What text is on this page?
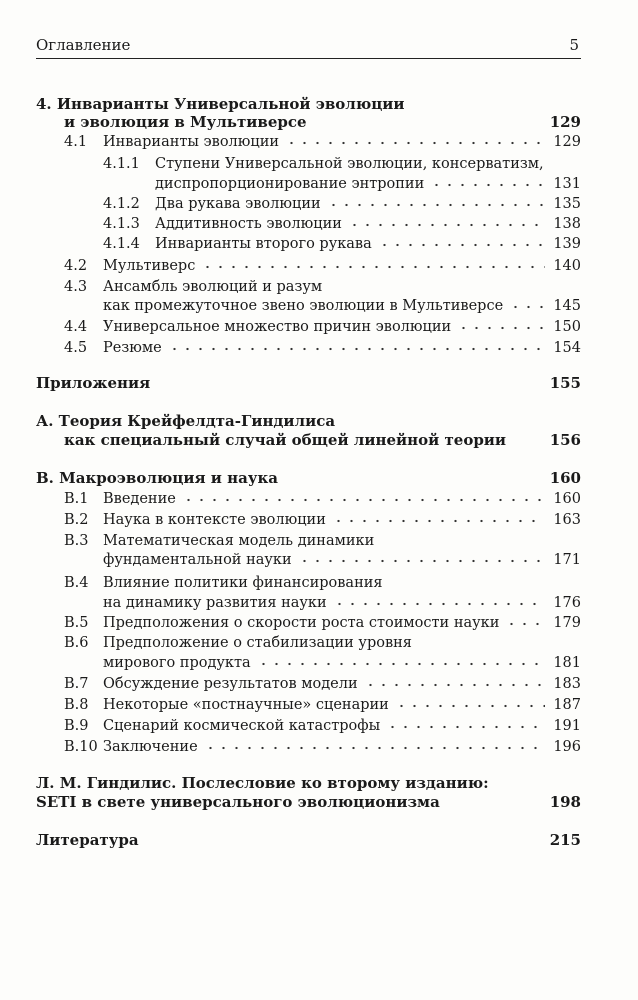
Оглавление	5
4. Инварианты Универсальной эволюции
и эволюция в Мультиверсе	129
4.1 Инварианты эволюции	129
4.1.1 Ступени Универсальной эволюции, консерватизм,
диспропорционирование энтропии	131
4.1.2 Два рукава эволюции	135
4.1.3 Аддитивность эволюции	138
4.1.4 Инварианты второго рукава	139
4.2 Мультиверс	140
4.3 Ансамбль эволюций и разум
как промежуточное звено эволюции в Мультиверсе	145
4.4 Универсальное множество причин эволюции	150
4.5 Резюме	154
Приложения	155
А. Теория Крейфелдта-Гиндилиса
как специальный случай общей линейной теории	156
B. Макроэволюция и наука	160
B.1 Введение	160
B.2 Наука в контексте эволюции	163
B.3 Математическая модель динамики
фундаментальной науки	171
B.4 Влияние политики финансирования
на динамику развития науки	176
B.5 Предположения о скорости роста стоимости науки	179
B.6 Предположение о стабилизации уровня
мирового продукта	181
B.7 Обсуждение результатов модели	183
B.8 Некоторые «постнаучные» сценарии	187
B.9 Сценарий космической катастрофы	191
B.10 Заключение	196
Л. М. Гиндилис. Послесловие ко второму изданию:
SETI в свете универсального эволюционизма	198
Литература	215
